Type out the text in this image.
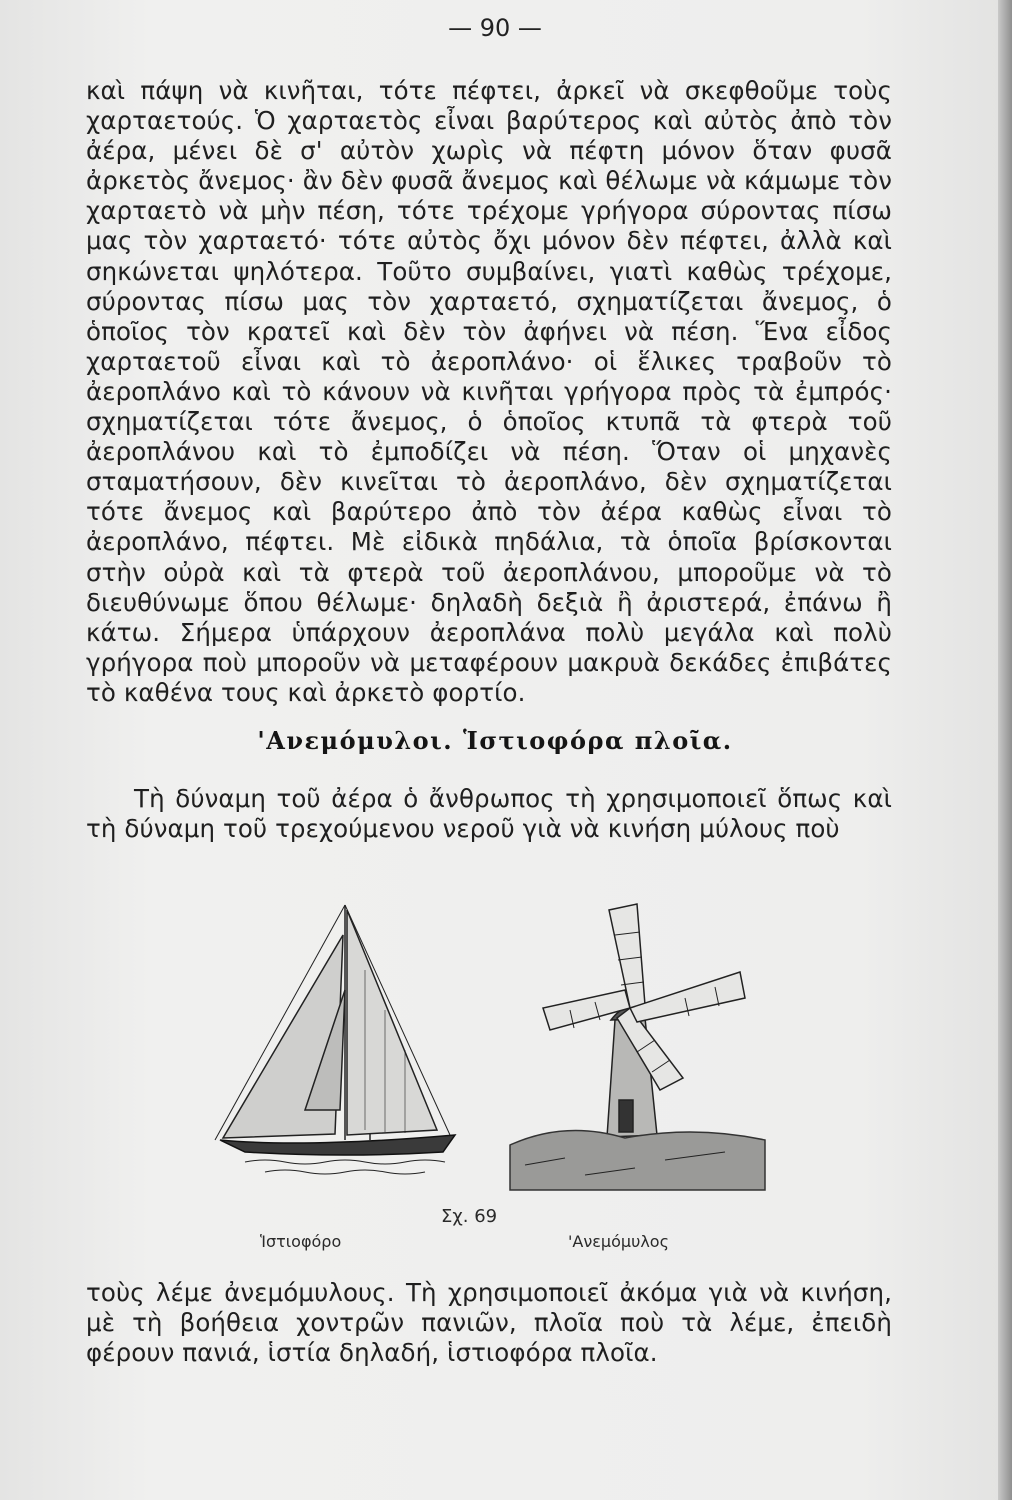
— 90 —

καὶ πάψη νὰ κινῆται, τότε πέφτει, ἀρκεῖ νὰ σκεφθοῦμε τοὺς χαρταετούς. Ὁ χαρταετὸς εἶναι βαρύτερος καὶ αὐτὸς ἀπὸ τὸν ἀέρα, μένει δὲ σ' αὐτὸν χωρὶς νὰ πέφτη μόνον ὅταν φυσᾶ ἀρκετὸς ἄνεμος· ἂν δὲν φυσᾶ ἄνεμος καὶ θέλωμε νὰ κάμωμε τὸν χαρταετὸ νὰ μὴν πέση, τότε τρέχομε γρήγορα σύροντας πίσω μας τὸν χαρταετό· τότε αὐτὸς ὄχι μόνον δὲν πέφτει, ἀλλὰ καὶ σηκώνεται ψηλότερα. Τοῦτο συμβαίνει, γιατὶ καθὼς τρέχομε, σύροντας πίσω μας τὸν χαρταετό, σχηματίζεται ἄνεμος, ὁ ὁποῖος τὸν κρατεῖ καὶ δὲν τὸν ἀφήνει νὰ πέση. Ἕνα εἶδος χαρταετοῦ εἶναι καὶ τὸ ἀεροπλάνο· οἱ ἕλικες τραβοῦν τὸ ἀεροπλάνο καὶ τὸ κάνουν νὰ κινῆται γρήγορα πρὸς τὰ ἐμπρός· σχηματίζεται τότε ἄνεμος, ὁ ὁποῖος κτυπᾶ τὰ φτερὰ τοῦ ἀεροπλάνου καὶ τὸ ἐμποδίζει νὰ πέση. Ὅταν οἱ μηχανὲς σταματήσουν, δὲν κινεῖται τὸ ἀεροπλάνο, δὲν σχηματίζεται τότε ἄνεμος καὶ βαρύτερο ἀπὸ τὸν ἀέρα καθὼς εἶναι τὸ ἀεροπλάνο, πέφτει. Μὲ εἰδικὰ πηδάλια, τὰ ὁποῖα βρίσκονται στὴν οὐρὰ καὶ τὰ φτερὰ τοῦ ἀεροπλάνου, μποροῦμε νὰ τὸ διευθύνωμε ὅπου θέλωμε· δηλαδὴ δεξιὰ ἢ ἀριστερά, ἐπάνω ἢ κάτω. Σήμερα ὑπάρχουν ἀεροπλάνα πολὺ μεγάλα καὶ πολὺ γρήγορα ποὺ μποροῦν νὰ μεταφέρουν μακρυὰ δεκάδες ἐπιβάτες τὸ καθένα τους καὶ ἀρκετὸ φορτίο.

'Ανεμόμυλοι. Ἱστιοφόρα πλοῖα.

Τὴ δύναμη τοῦ ἀέρα ὁ ἄνθρωπος τὴ χρησιμοποιεῖ ὅπως καὶ τὴ δύναμη τοῦ τρεχούμενου νεροῦ γιὰ νὰ κινήση μύλους ποὺ

Σχ. 69
Ἱστιοφόρο	'Ανεμόμυλος

τοὺς λέμε ἀνεμόμυλους. Τὴ χρησιμοποιεῖ ἀκόμα γιὰ νὰ κινήση, μὲ τὴ βοήθεια χοντρῶν πανιῶν, πλοῖα ποὺ τὰ λέμε, ἐπειδὴ φέρουν πανιά, ἱστία δηλαδή, ἱστιοφόρα πλοῖα.
